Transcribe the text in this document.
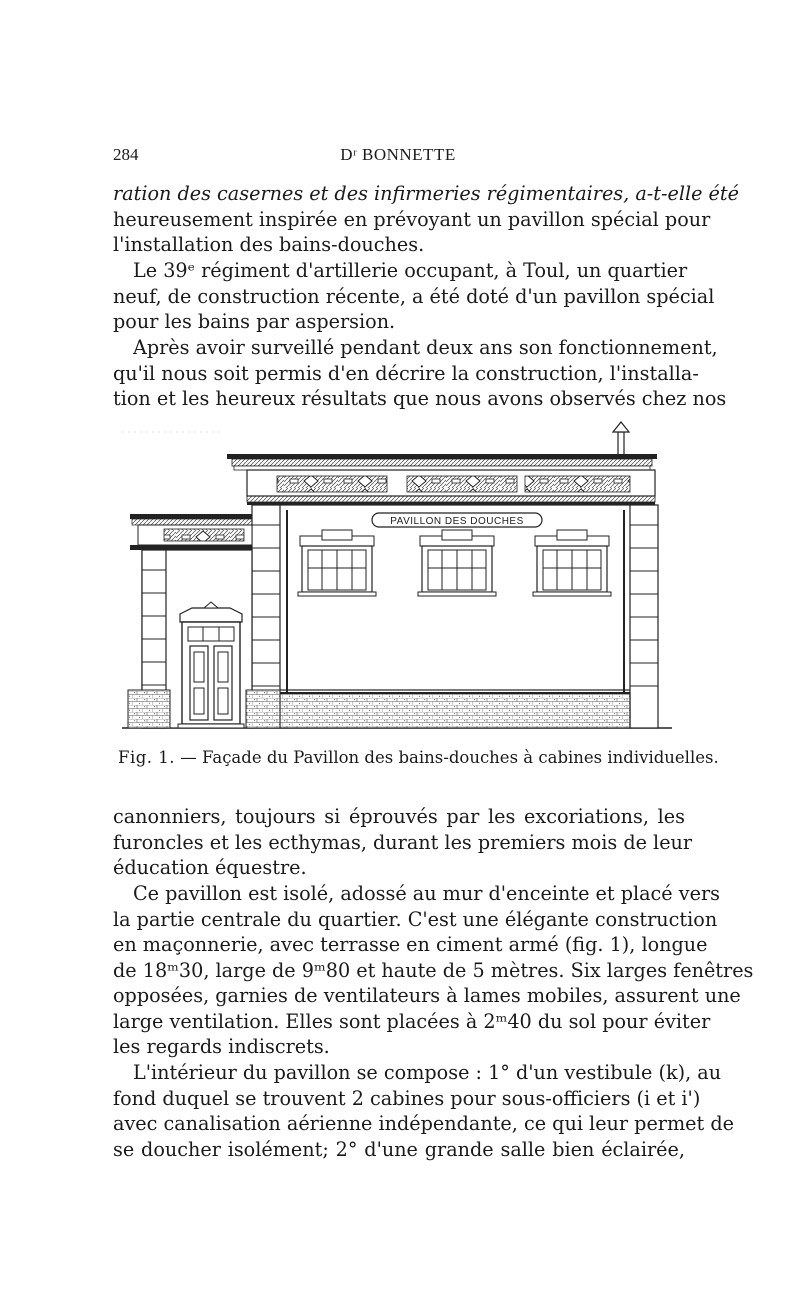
284	Dʳ BONNETTE

ration des casernes et des infirmeries régimentaires, a-t-elle été
heureusement inspirée en prévoyant un pavillon spécial pour
l'installation des bains-douches.

Le 39ᵉ régiment d'artillerie occupant, à Toul, un quartier
neuf, de construction récente, a été doté d'un pavillon spécial
pour les bains par aspersion.

Après avoir surveillé pendant deux ans son fonctionnement,
qu'il nous soit permis d'en décrire la construction, l'installa-
tion et les heureux résultats que nous avons observés chez nos

PAVILLON DES DOUCHES
Fig. 1. — Façade du Pavillon des bains-douches à cabines individuelles.

canonniers, toujours si éprouvés par les excoriations, les
furoncles et les ecthymas, durant les premiers mois de leur
éducation équestre.

Ce pavillon est isolé, adossé au mur d'enceinte et placé vers
la partie centrale du quartier. C'est une élégante construction
en maçonnerie, avec terrasse en ciment armé (fig. 1), longue
de 18ᵐ30, large de 9ᵐ80 et haute de 5 mètres. Six larges fenêtres
opposées, garnies de ventilateurs à lames mobiles, assurent une
large ventilation. Elles sont placées à 2ᵐ40 du sol pour éviter
les regards indiscrets.

L'intérieur du pavillon se compose : 1° d'un vestibule (k), au
fond duquel se trouvent 2 cabines pour sous-officiers (i et i')
avec canalisation aérienne indépendante, ce qui leur permet de
se doucher isolément; 2° d'une grande salle bien éclairée,
